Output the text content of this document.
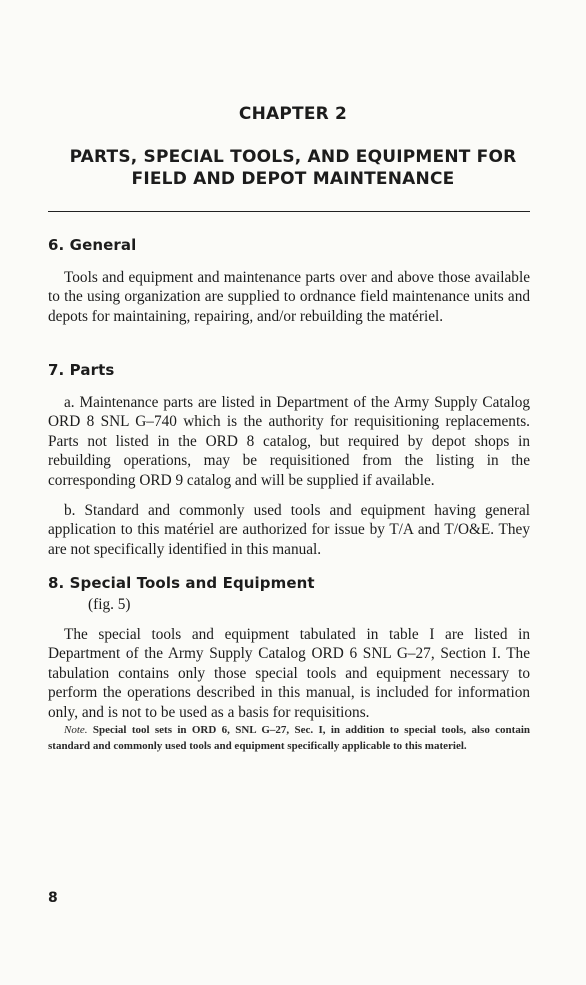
CHAPTER 2
PARTS, SPECIAL TOOLS, AND EQUIPMENT FOR FIELD AND DEPOT MAINTENANCE
6. General

Tools and equipment and maintenance parts over and above those available to the using organization are supplied to ordnance field maintenance units and depots for maintaining, repairing, and/or rebuilding the matériel.

7. Parts

a. Maintenance parts are listed in Department of the Army Supply Catalog ORD 8 SNL G–740 which is the authority for requisitioning replacements. Parts not listed in the ORD 8 catalog, but required by depot shops in rebuilding operations, may be requisitioned from the listing in the corresponding ORD 9 catalog and will be supplied if available.

b. Standard and commonly used tools and equipment having general application to this matériel are authorized for issue by T/A and T/O&E. They are not specifically identified in this manual.

8. Special Tools and Equipment
(fig. 5)

The special tools and equipment tabulated in table I are listed in Department of the Army Supply Catalog ORD 6 SNL G–27, Section I. The tabulation contains only those special tools and equipment necessary to perform the operations described in this manual, is included for information only, and is not to be used as a basis for requisitions.

Note. Special tool sets in ORD 6, SNL G–27, Sec. I, in addition to special tools, also contain standard and commonly used tools and equipment specifically applicable to this materiel.

8
